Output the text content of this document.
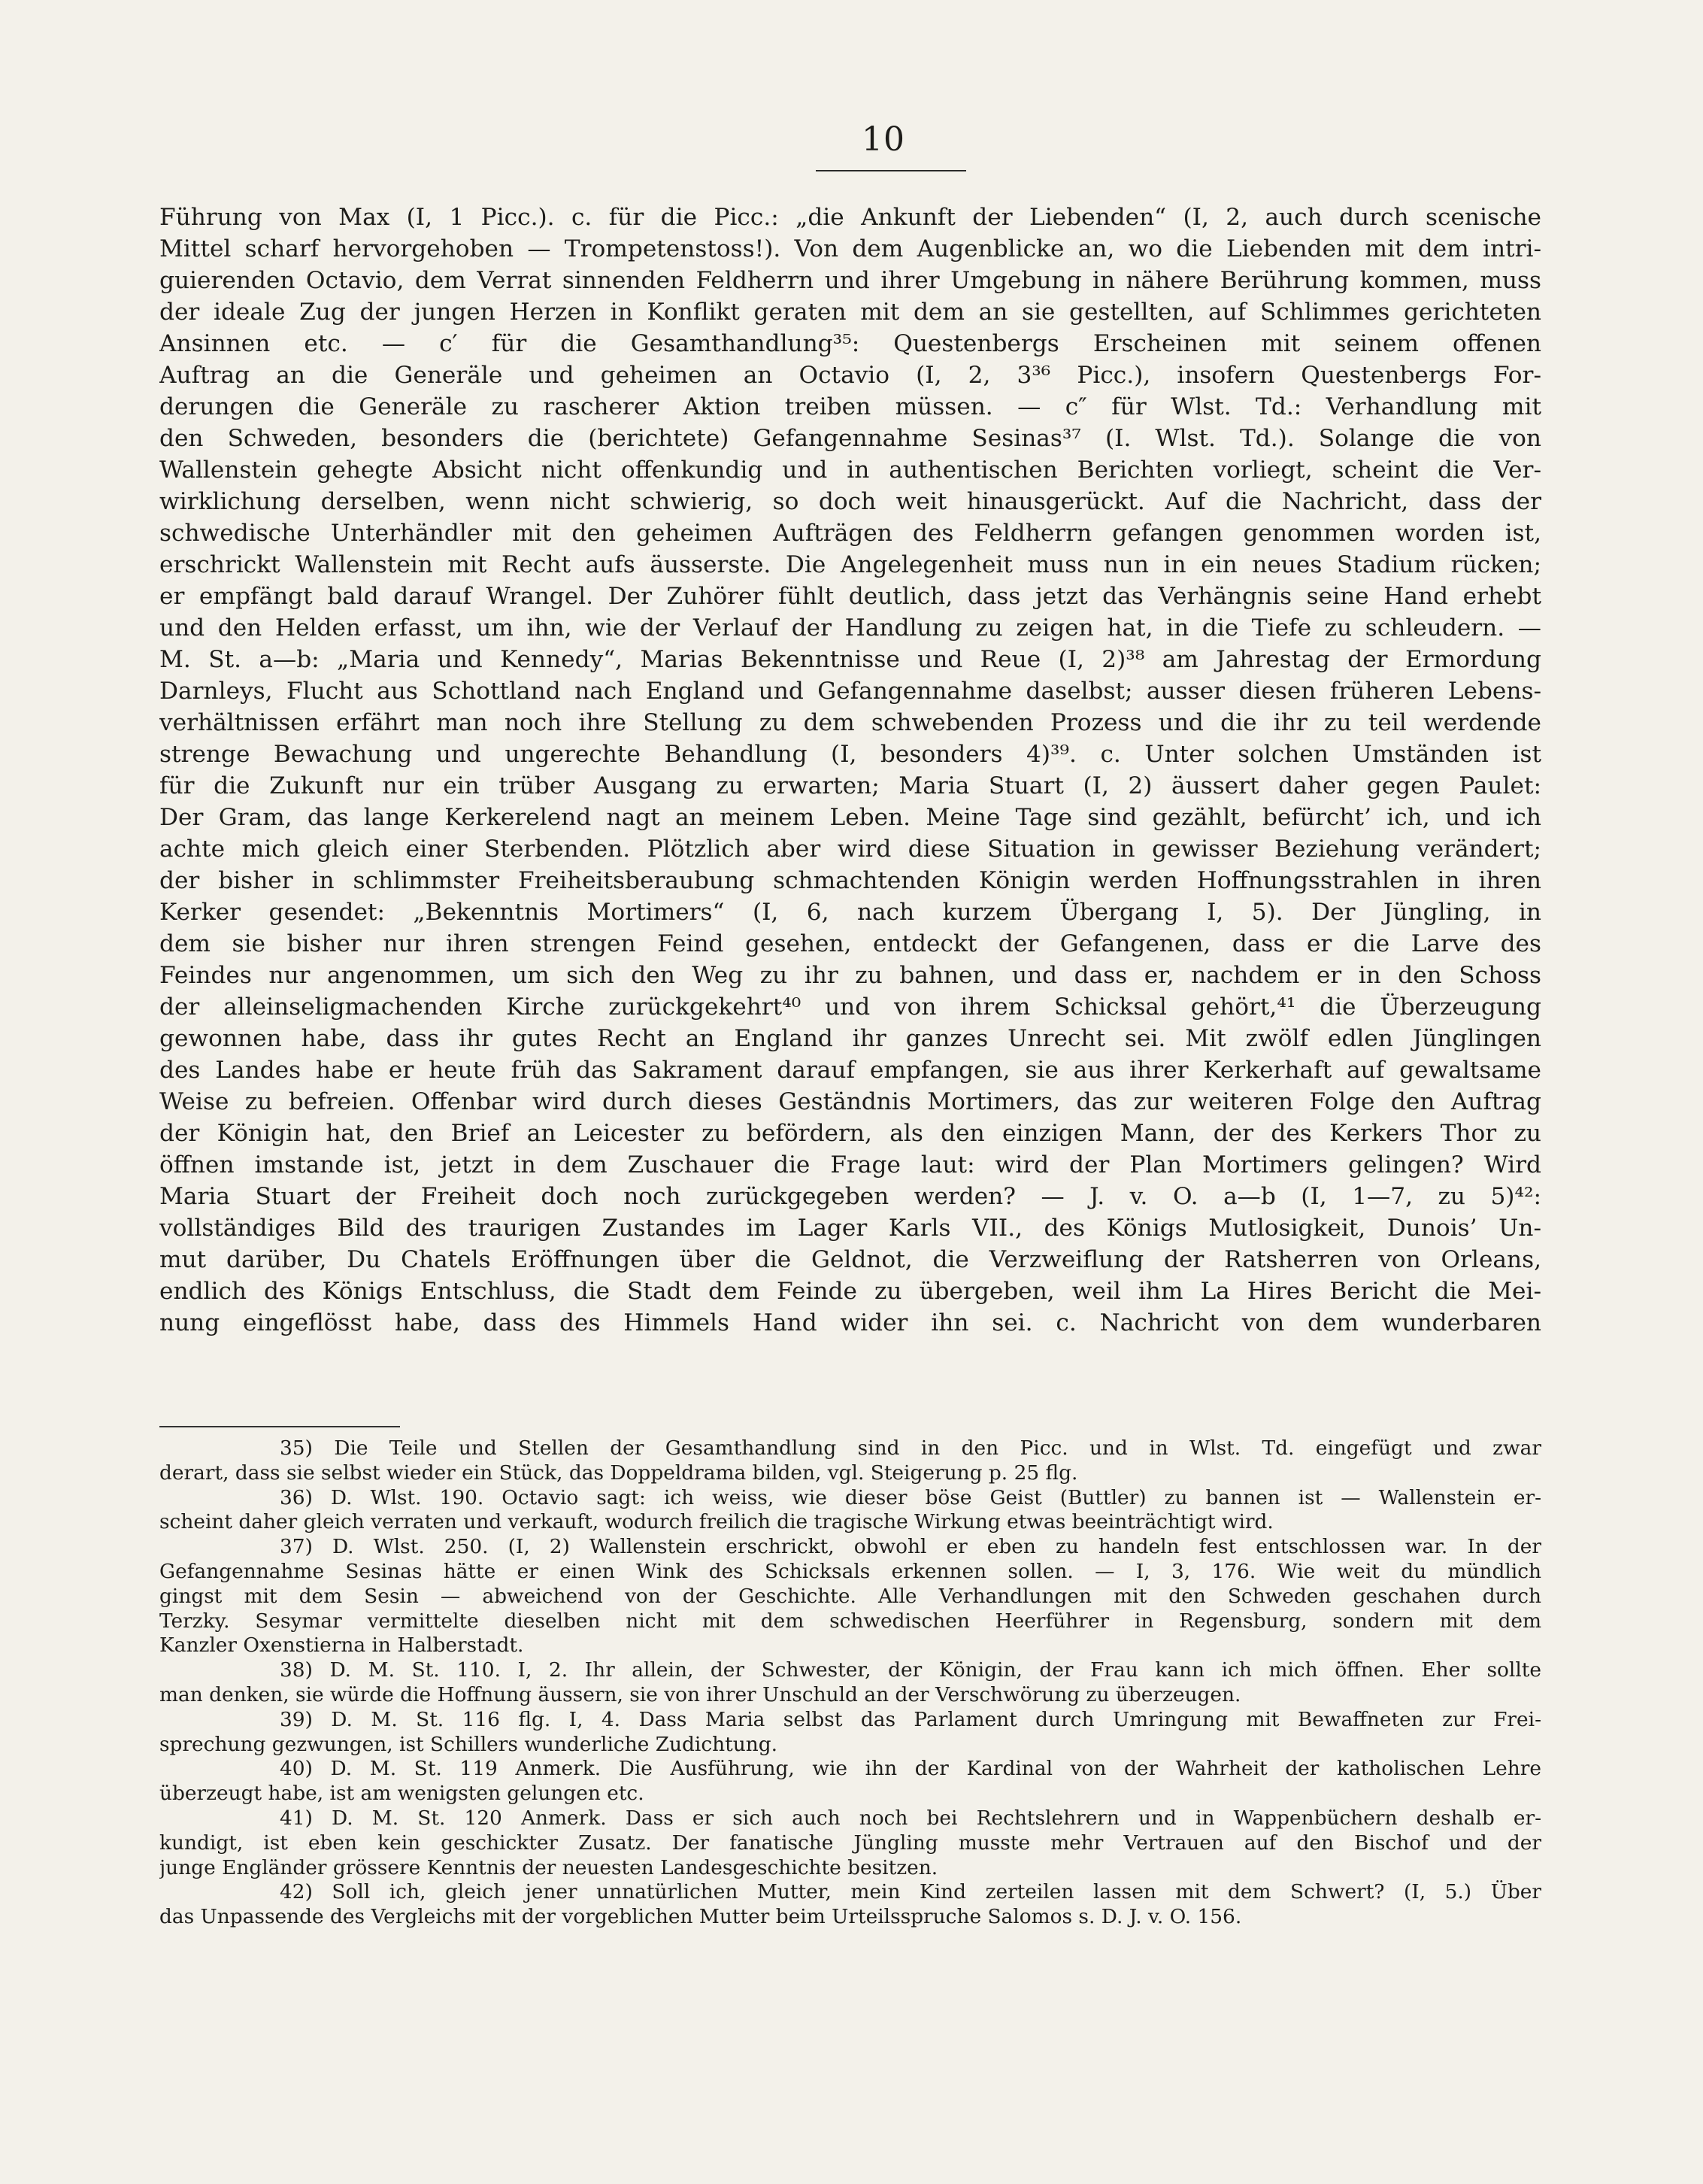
10
Führung von Max (I, 1 Picc.). c. für die Picc.: „die Ankunft der Liebenden“ (I, 2, auch durch scenische
Mittel scharf hervorgehoben — Trompetenstoss!). Von dem Augenblicke an, wo die Liebenden mit dem intri-
guierenden Octavio, dem Verrat sinnenden Feldherrn und ihrer Umgebung in nähere Berührung kommen, muss
der ideale Zug der jungen Herzen in Konflikt geraten mit dem an sie gestellten, auf Schlimmes gerichteten
Ansinnen etc. — c′ für die Gesamthandlung³⁵: Questenbergs Erscheinen mit seinem offenen
Auftrag an die Generäle und geheimen an Octavio (I, 2, 3³⁶ Picc.), insofern Questenbergs For-
derungen die Generäle zu rascherer Aktion treiben müssen. — c″ für Wlst. Td.: Verhandlung mit
den Schweden, besonders die (berichtete) Gefangennahme Sesinas³⁷ (I. Wlst. Td.). Solange die von
Wallenstein gehegte Absicht nicht offenkundig und in authentischen Berichten vorliegt, scheint die Ver-
wirklichung derselben, wenn nicht schwierig, so doch weit hinausgerückt. Auf die Nachricht, dass der
schwedische Unterhändler mit den geheimen Aufträgen des Feldherrn gefangen genommen worden ist,
erschrickt Wallenstein mit Recht aufs äusserste. Die Angelegenheit muss nun in ein neues Stadium rücken;
er empfängt bald darauf Wrangel. Der Zuhörer fühlt deutlich, dass jetzt das Verhängnis seine Hand erhebt
und den Helden erfasst, um ihn, wie der Verlauf der Handlung zu zeigen hat, in die Tiefe zu schleudern. —
M. St. a—b: „Maria und Kennedy“, Marias Bekenntnisse und Reue (I, 2)³⁸ am Jahrestag der Ermordung
Darnleys, Flucht aus Schottland nach England und Gefangennahme daselbst; ausser diesen früheren Lebens-
verhältnissen erfährt man noch ihre Stellung zu dem schwebenden Prozess und die ihr zu teil werdende
strenge Bewachung und ungerechte Behandlung (I, besonders 4)³⁹. c. Unter solchen Umständen ist
für die Zukunft nur ein trüber Ausgang zu erwarten; Maria Stuart (I, 2) äussert daher gegen Paulet:
Der Gram, das lange Kerkerelend nagt an meinem Leben. Meine Tage sind gezählt, befürcht’ ich, und ich
achte mich gleich einer Sterbenden. Plötzlich aber wird diese Situation in gewisser Beziehung verändert;
der bisher in schlimmster Freiheitsberaubung schmachtenden Königin werden Hoffnungsstrahlen in ihren
Kerker gesendet: „Bekenntnis Mortimers“ (I, 6, nach kurzem Übergang I, 5). Der Jüngling, in
dem sie bisher nur ihren strengen Feind gesehen, entdeckt der Gefangenen, dass er die Larve des
Feindes nur angenommen, um sich den Weg zu ihr zu bahnen, und dass er, nachdem er in den Schoss
der alleinseligmachenden Kirche zurückgekehrt⁴⁰ und von ihrem Schicksal gehört,⁴¹ die Überzeugung
gewonnen habe, dass ihr gutes Recht an England ihr ganzes Unrecht sei. Mit zwölf edlen Jünglingen
des Landes habe er heute früh das Sakrament darauf empfangen, sie aus ihrer Kerkerhaft auf gewaltsame
Weise zu befreien. Offenbar wird durch dieses Geständnis Mortimers, das zur weiteren Folge den Auftrag
der Königin hat, den Brief an Leicester zu befördern, als den einzigen Mann, der des Kerkers Thor zu
öffnen imstande ist, jetzt in dem Zuschauer die Frage laut: wird der Plan Mortimers gelingen? Wird
Maria Stuart der Freiheit doch noch zurückgegeben werden? — J. v. O. a—b (I, 1—7, zu 5)⁴²:
vollständiges Bild des traurigen Zustandes im Lager Karls VII., des Königs Mutlosigkeit, Dunois’ Un-
mut darüber, Du Chatels Eröffnungen über die Geldnot, die Verzweiflung der Ratsherren von Orleans,
endlich des Königs Entschluss, die Stadt dem Feinde zu übergeben, weil ihm La Hires Bericht die Mei-
nung eingeflösst habe, dass des Himmels Hand wider ihn sei. c. Nachricht von dem wunderbaren
35) Die Teile und Stellen der Gesamthandlung sind in den Picc. und in Wlst. Td. eingefügt und zwar
derart, dass sie selbst wieder ein Stück, das Doppeldrama bilden, vgl. Steigerung p. 25 flg.
36) D. Wlst. 190. Octavio sagt: ich weiss, wie dieser böse Geist (Buttler) zu bannen ist — Wallenstein er-
scheint daher gleich verraten und verkauft, wodurch freilich die tragische Wirkung etwas beeinträchtigt wird.
37) D. Wlst. 250. (I, 2) Wallenstein erschrickt, obwohl er eben zu handeln fest entschlossen war. In der
Gefangennahme Sesinas hätte er einen Wink des Schicksals erkennen sollen. — I, 3, 176. Wie weit du mündlich
gingst mit dem Sesin — abweichend von der Geschichte. Alle Verhandlungen mit den Schweden geschahen durch
Terzky. Sesymar vermittelte dieselben nicht mit dem schwedischen Heerführer in Regensburg, sondern mit dem
Kanzler Oxenstierna in Halberstadt.
38) D. M. St. 110. I, 2. Ihr allein, der Schwester, der Königin, der Frau kann ich mich öffnen. Eher sollte
man denken, sie würde die Hoffnung äussern, sie von ihrer Unschuld an der Verschwörung zu überzeugen.
39) D. M. St. 116 flg. I, 4. Dass Maria selbst das Parlament durch Umringung mit Bewaffneten zur Frei-
sprechung gezwungen, ist Schillers wunderliche Zudichtung.
40) D. M. St. 119 Anmerk. Die Ausführung, wie ihn der Kardinal von der Wahrheit der katholischen Lehre
überzeugt habe, ist am wenigsten gelungen etc.
41) D. M. St. 120 Anmerk. Dass er sich auch noch bei Rechtslehrern und in Wappenbüchern deshalb er-
kundigt, ist eben kein geschickter Zusatz. Der fanatische Jüngling musste mehr Vertrauen auf den Bischof und der
junge Engländer grössere Kenntnis der neuesten Landesgeschichte besitzen.
42) Soll ich, gleich jener unnatürlichen Mutter, mein Kind zerteilen lassen mit dem Schwert? (I, 5.) Über
das Unpassende des Vergleichs mit der vorgeblichen Mutter beim Urteilsspruche Salomos s. D. J. v. O. 156.
